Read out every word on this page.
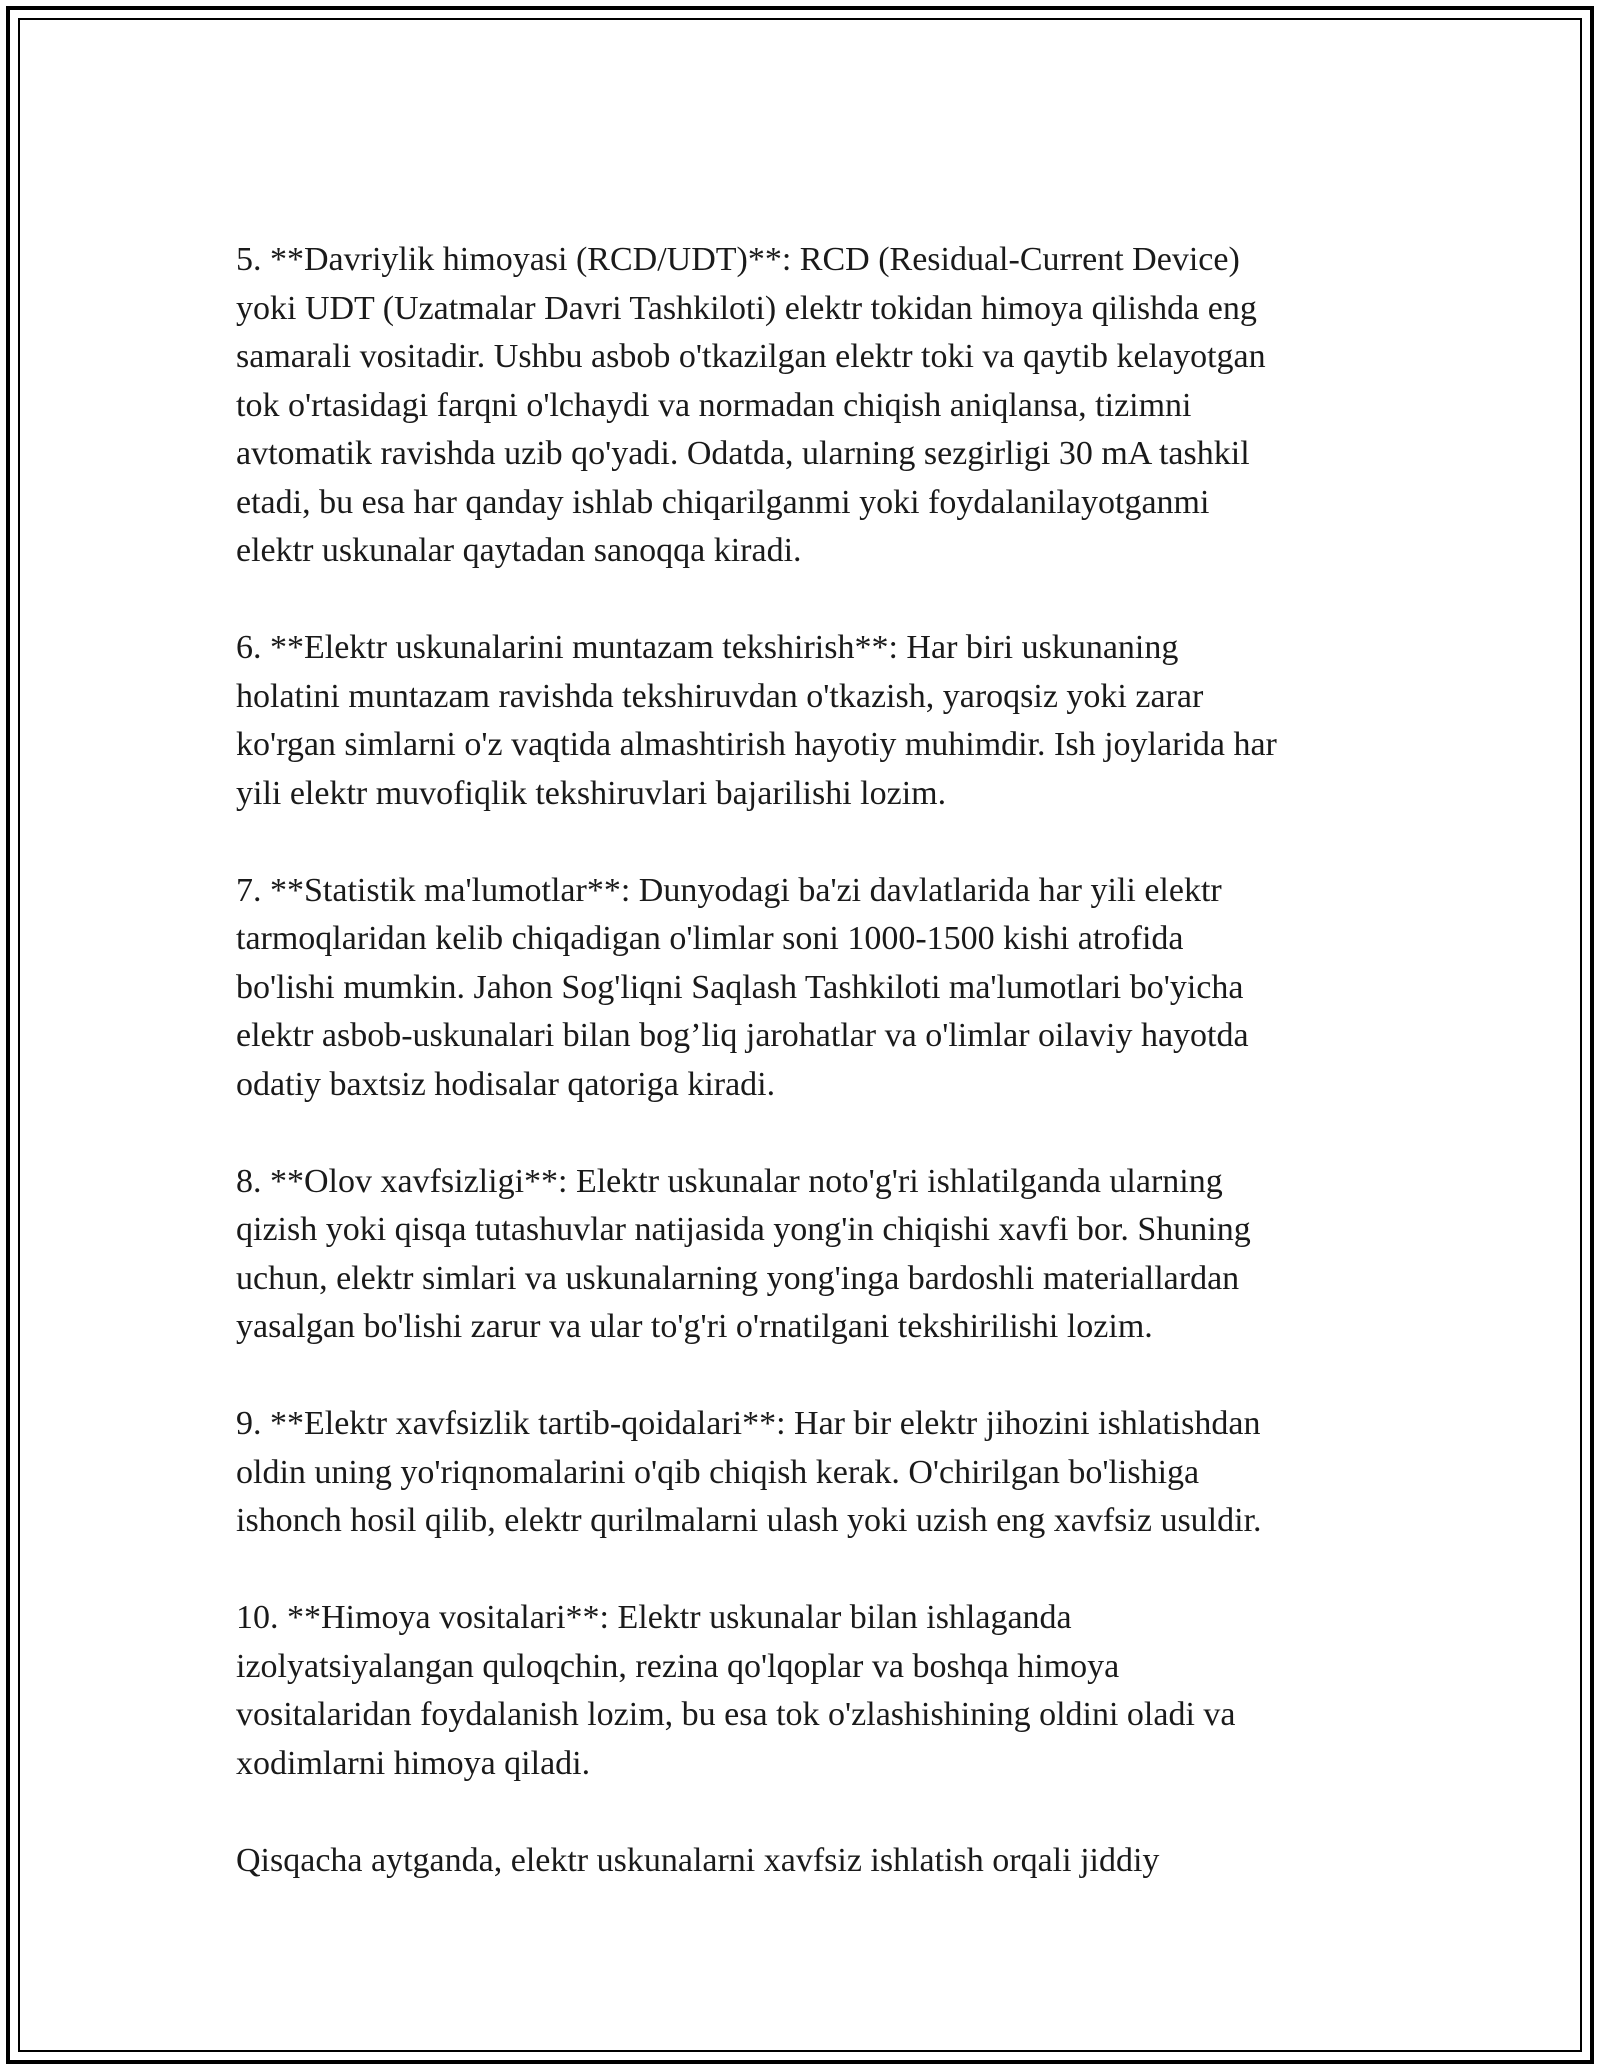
5. **Davriylik himoyasi (RCD/UDT)**: RCD (Residual-Current Device)
yoki UDT (Uzatmalar Davri Tashkiloti) elektr tokidan himoya qilishda eng
samarali vositadir. Ushbu asbob o'tkazilgan elektr toki va qaytib kelayotgan
tok o'rtasidagi farqni o'lchaydi va normadan chiqish aniqlansa, tizimni
avtomatik ravishda uzib qo'yadi. Odatda, ularning sezgirligi 30 mA tashkil
etadi, bu esa har qanday ishlab chiqarilganmi yoki foydalanilayotganmi
elektr uskunalar qaytadan sanoqqa kiradi.

6. **Elektr uskunalarini muntazam tekshirish**: Har biri uskunaning
holatini muntazam ravishda tekshiruvdan o'tkazish, yaroqsiz yoki zarar
ko'rgan simlarni o'z vaqtida almashtirish hayotiy muhimdir. Ish joylarida har
yili elektr muvofiqlik tekshiruvlari bajarilishi lozim.

7. **Statistik ma'lumotlar**: Dunyodagi ba'zi davlatlarida har yili elektr
tarmoqlaridan kelib chiqadigan o'limlar soni 1000-1500 kishi atrofida
bo'lishi mumkin. Jahon Sog'liqni Saqlash Tashkiloti ma'lumotlari bo'yicha
elektr asbob-uskunalari bilan bog’liq jarohatlar va o'limlar oilaviy hayotda
odatiy baxtsiz hodisalar qatoriga kiradi.

8. **Olov xavfsizligi**: Elektr uskunalar noto'g'ri ishlatilganda ularning
qizish yoki qisqa tutashuvlar natijasida yong'in chiqishi xavfi bor. Shuning
uchun, elektr simlari va uskunalarning yong'inga bardoshli materiallardan
yasalgan bo'lishi zarur va ular to'g'ri o'rnatilgani tekshirilishi lozim.

9. **Elektr xavfsizlik tartib-qoidalari**: Har bir elektr jihozini ishlatishdan
oldin uning yo'riqnomalarini o'qib chiqish kerak. O'chirilgan bo'lishiga
ishonch hosil qilib, elektr qurilmalarni ulash yoki uzish eng xavfsiz usuldir.

10. **Himoya vositalari**: Elektr uskunalar bilan ishlaganda
izolyatsiyalangan quloqchin, rezina qo'lqoplar va boshqa himoya
vositalaridan foydalanish lozim, bu esa tok o'zlashishining oldini oladi va
xodimlarni himoya qiladi.

Qisqacha aytganda, elektr uskunalarni xavfsiz ishlatish orqali jiddiy
